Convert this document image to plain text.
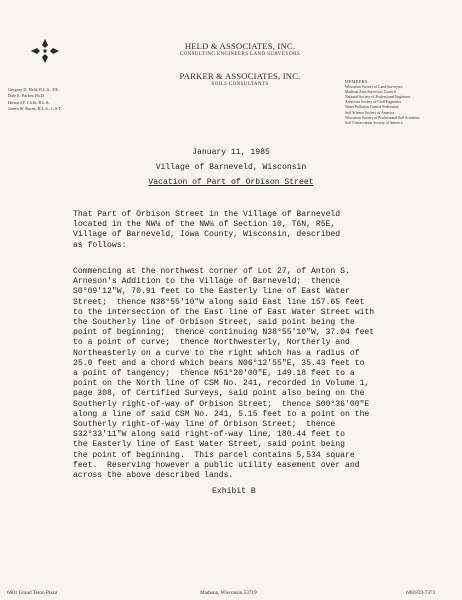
HELD & ASSOCIATES, INC.
CONSULTING ENGINEERS LAND SURVEYORS
PARKER & ASSOCIATES, INC.
SOILS CONSULTANTS
Gregory D. Held, R.L.S., P.E.
Dale E. Parker, Ph.D.
Howard F. Lichi, R.L.S.
James W. Burns, R.L.S., C.S.T.
MEMBERS
Wisconsin Society of Land Surveyors
Madison Area Surveyors Council
National Society of Professional Engineers
American Society of Civil Engineers
Water Pollution Control Federation
Soil Science Society of America
Wisconsin Society of Professional Soil Scientists
Soil Conservation Society of America
January 11, 1985
Village of Barneveld, Wisconsin
Vacation of Part of Orbison Street
That Part of Orbison Street in the Village of Barneveld
located in the NW¼ of the NW¼ of Section 10, T6N, R5E,
Village of Barneveld, Iowa County, Wisconsin, described
as follows:
Commencing at the northwest corner of Lot 27, of Anton S.
Arneson's Addition to the Village of Barneveld;  thence
S0°09'12"W, 70.91 feet to the Easterly line of East Water
Street;  thence N38°55'10"W along said East line 157.65 feet
to the intersection of the East line of East Water Street with
the Southerly line of Orbison Street, said point being the
point of beginning;  thence continuing N38°55'10"W, 37.04 feet
to a point of curve;  thence Northwesterly, Northerly and
Northeasterly on a curve to the right which has a radius of
25.0 feet and a chord which bears N06°12'55"E, 35.43 feet to
a point of tangency;  thence N51°20'00"E, 149.18 feet to a
point on the North line of CSM No. 241, recorded in Volume 1,
page 308, of Certified Surveys, said point also being on the
Southerly right-of-way of Orbison Street;  thence S00°36'00"E
along a line of said CSM No. 241, 5.15 feet to a point on the
Southerly right-of-way line of Orbison Street;  thence
S32°33'11"W along said right-of-way line, 180.44 feet to
the Easterly line of East Water Street, said point being
the point of beginning.  This parcel contains 5,534 square
feet.  Reserving however a public utility easement over and
across the above described lands.
Exhibit B
6601 Grand Teton Plaza	Madison, Wisconsin 53719	608/833-7373
